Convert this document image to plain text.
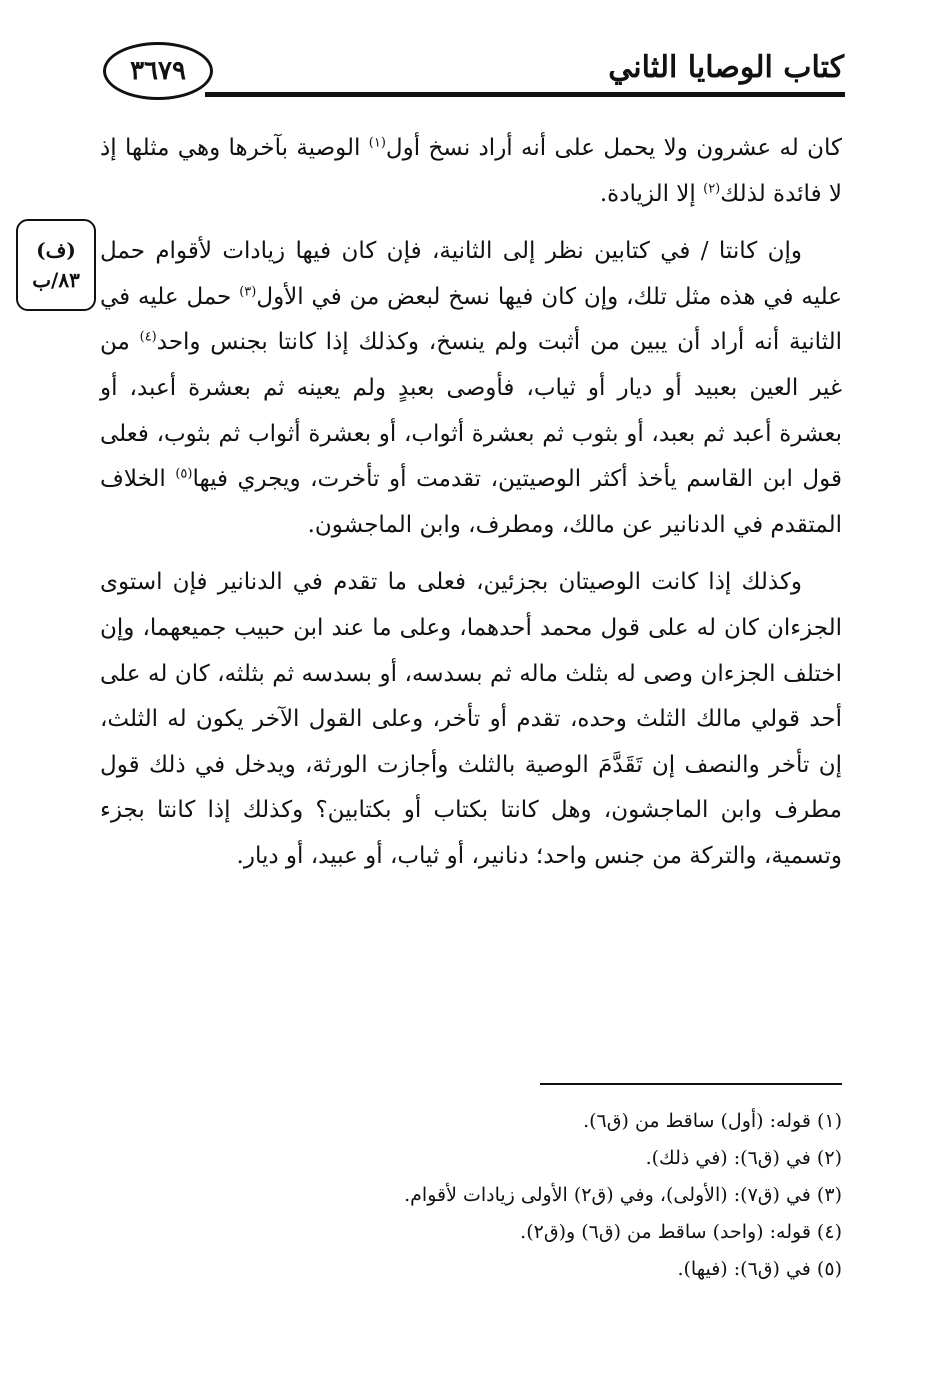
٣٦٧٩	كتاب الوصايا الثاني
(ف)
٨٣/ب

كان له عشرون ولا يحمل على أنه أراد نسخ أول$^{(١)}$ الوصية بآخرها وهي مثلها إذ لا فائدة لذلك$^{(٢)}$ إلا الزيادة.

وإن كانتا / في كتابين نظر إلى الثانية، فإن كان فيها زيادات لأقوام حمل عليه في هذه مثل تلك، وإن كان فيها نسخ لبعض من في الأول$^{(٣)}$ حمل عليه في الثانية أنه أراد أن يبين من أثبت ولم ينسخ، وكذلك إذا كانتا بجنس واحد$^{(٤)}$ من غير العين بعبيد أو ديار أو ثياب، فأوصى بعبدٍ ولم يعينه ثم بعشرة أعبد، أو بعشرة أعبد ثم بعبد، أو بثوب ثم بعشرة أثواب، أو بعشرة أثواب ثم بثوب، فعلى قول ابن القاسم يأخذ أكثر الوصيتين، تقدمت أو تأخرت، ويجري فيها$^{(٥)}$ الخلاف المتقدم في الدنانير عن مالك، ومطرف، وابن الماجشون.

وكذلك إذا كانت الوصيتان بجزئين، فعلى ما تقدم في الدنانير فإن استوى الجزءان كان له على قول محمد أحدهما، وعلى ما عند ابن حبيب جميعهما، وإن اختلف الجزءان وصى له بثلث ماله ثم بسدسه، أو بسدسه ثم بثلثه، كان له على أحد قولي مالك الثلث وحده، تقدم أو تأخر، وعلى القول الآخر يكون له الثلث، إن تأخر والنصف إن تَقَدَّمَ الوصية بالثلث وأجازت الورثة، ويدخل في ذلك قول مطرف وابن الماجشون، وهل كانتا بكتاب أو بكتابين؟ وكذلك إذا كانتا بجزء وتسمية، والتركة من جنس واحد؛ دنانير، أو ثياب، أو عبيد، أو ديار.

(١) قوله: (أول) ساقط من (ق٦).
(٢) في (ق٦): (في ذلك).
(٣) في (ق٧): (الأولى)، وفي (ق٢) الأولى زيادات لأقوام.
(٤) قوله: (واحد) ساقط من (ق٦) و(ق٢).
(٥) في (ق٦): (فيها).
